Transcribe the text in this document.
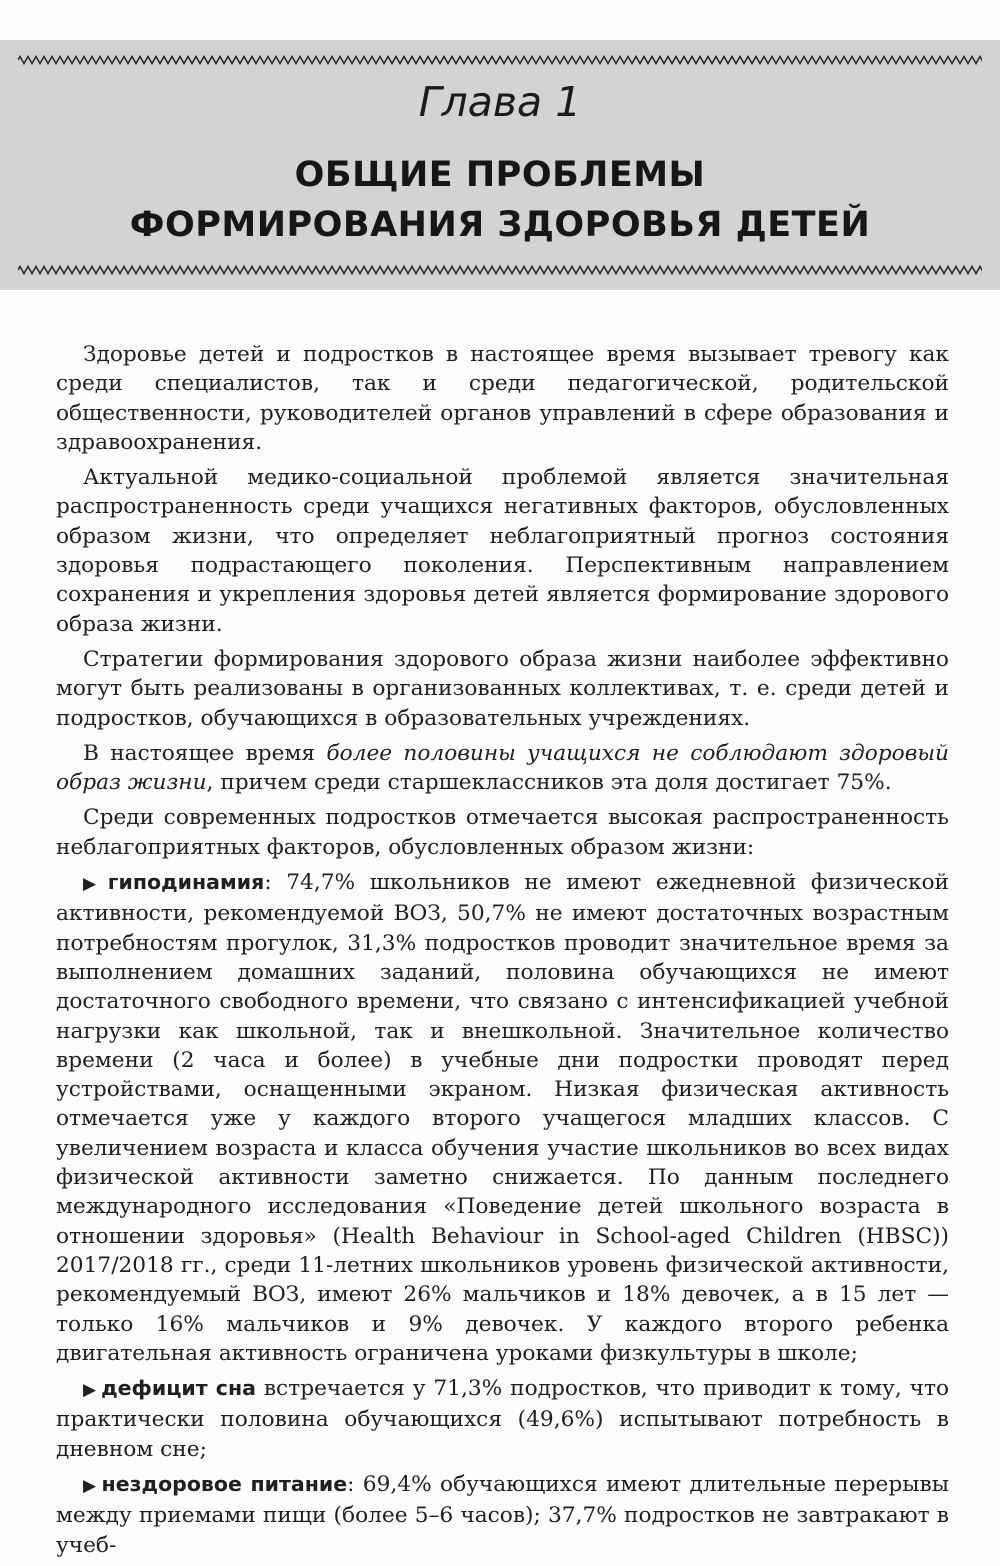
Глава 1
ОБЩИЕ ПРОБЛЕМЫ
ФОРМИРОВАНИЯ ЗДОРОВЬЯ ДЕТЕЙ

Здоровье детей и подростков в настоящее время вызывает тревогу как среди специалистов, так и среди педагогической, родительской общественности, руководителей органов управлений в сфере образования и здравоохранения.

Актуальной медико-социальной проблемой является значительная распространенность среди учащихся негативных факторов, обусловленных образом жизни, что определяет неблагоприятный прогноз состояния здоровья подрастающего поколения. Перспективным направлением сохранения и укрепления здоровья детей является формирование здорового образа жизни.

Стратегии формирования здорового образа жизни наиболее эффективно могут быть реализованы в организованных коллективах, т. е. среди детей и подростков, обучающихся в образовательных учреждениях.

В настоящее время более половины учащихся не соблюдают здоровый образ жизни, причем среди старшеклассников эта доля достигает 75%.

Среди современных подростков отмечается высокая распространенность неблагоприятных факторов, обусловленных образом жизни:

▶ гиподинамия: 74,7% школьников не имеют ежедневной физической активности, рекомендуемой ВОЗ, 50,7% не имеют достаточных возрастным потребностям прогулок, 31,3% подростков проводит значительное время за выполнением домашних заданий, половина обучающихся не имеют достаточного свободного времени, что связано с интенсификацией учебной нагрузки как школьной, так и внешкольной. Значительное количество времени (2 часа и более) в учебные дни подростки проводят перед устройствами, оснащенными экраном. Низкая физическая активность отмечается уже у каждого второго учащегося младших классов. С увеличением возраста и класса обучения участие школьников во всех видах физической активности заметно снижается. По данным последнего международного исследования «Поведение детей школьного возраста в отношении здоровья» (Health Behaviour in School-aged Children (HBSC)) 2017/2018 гг., среди 11-летних школьников уровень физической активности, рекомендуемый ВОЗ, имеют 26% мальчиков и 18% девочек, а в 15 лет — только 16% мальчиков и 9% девочек. У каждого второго ребенка двигательная активность ограничена уроками физкультуры в школе;

▶ дефицит сна встречается у 71,3% подростков, что приводит к тому, что практически половина обучающихся (49,6%) испытывают потребность в дневном сне;

▶ нездоровое питание: 69,4% обучающихся имеют длительные перерывы между приемами пищи (более 5–6 часов); 37,7% подростков не завтракают в учеб-
